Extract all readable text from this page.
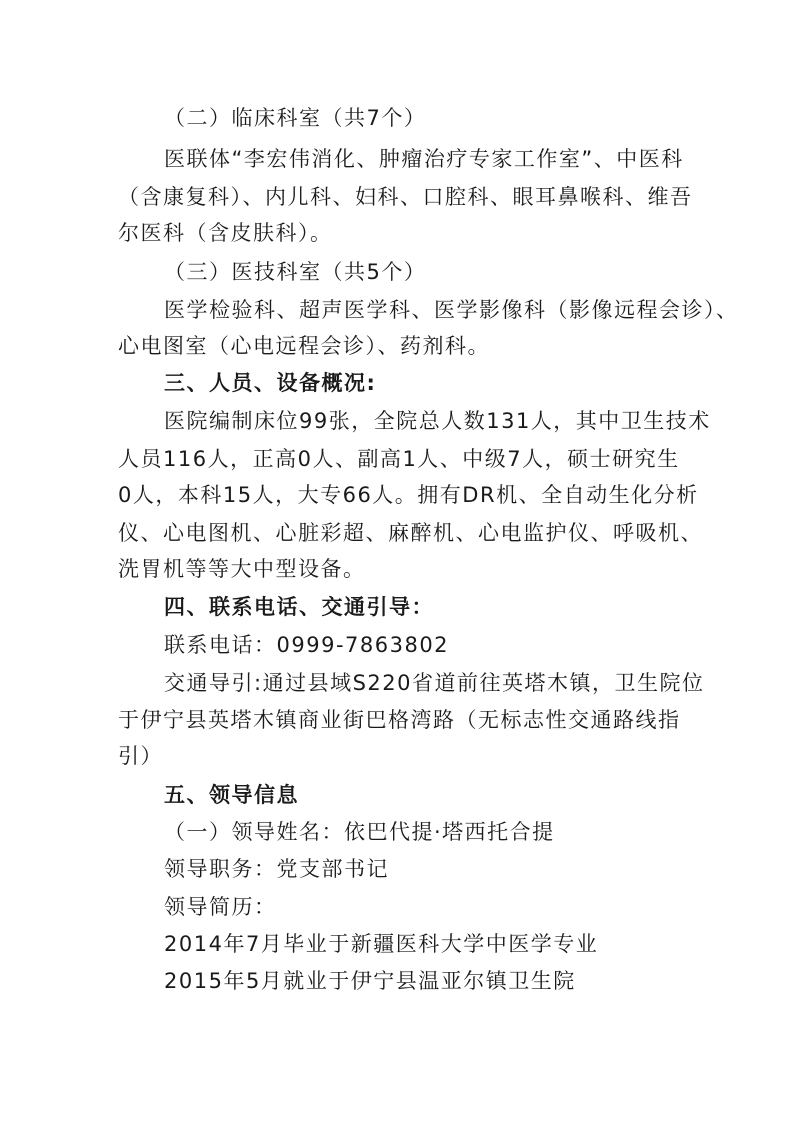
（二）临床科室（共7个）
医联体“李宏伟消化、肿瘤治疗专家工作室”、中医科
（含康复科）、内儿科、妇科、口腔科、眼耳鼻喉科、维吾
尔医科（含皮肤科）。
（三）医技科室（共5个）
医学检验科、超声医学科、医学影像科（影像远程会诊）、
心电图室（心电远程会诊）、药剂科。
三、人员、设备概况:
医院编制床位99张，全院总人数131人，其中卫生技术
人员116人，正高0人、副高1人、中级7人，硕士研究生
0人，本科15人，大专66人。拥有DR机、全自动生化分析
仪、心电图机、心脏彩超、麻醉机、心电监护仪、呼吸机、
洗胃机等等大中型设备。
四、联系电话、交通引导：
联系电话：0999-7863802
交通导引:通过县域S220省道前往英塔木镇，卫生院位
于伊宁县英塔木镇商业街巴格湾路（无标志性交通路线指
引）
五、领导信息
（一）领导姓名：依巴代提·塔西托合提
领导职务：党支部书记
领导简历：
2014年7月毕业于新疆医科大学中医学专业
2015年5月就业于伊宁县温亚尔镇卫生院
